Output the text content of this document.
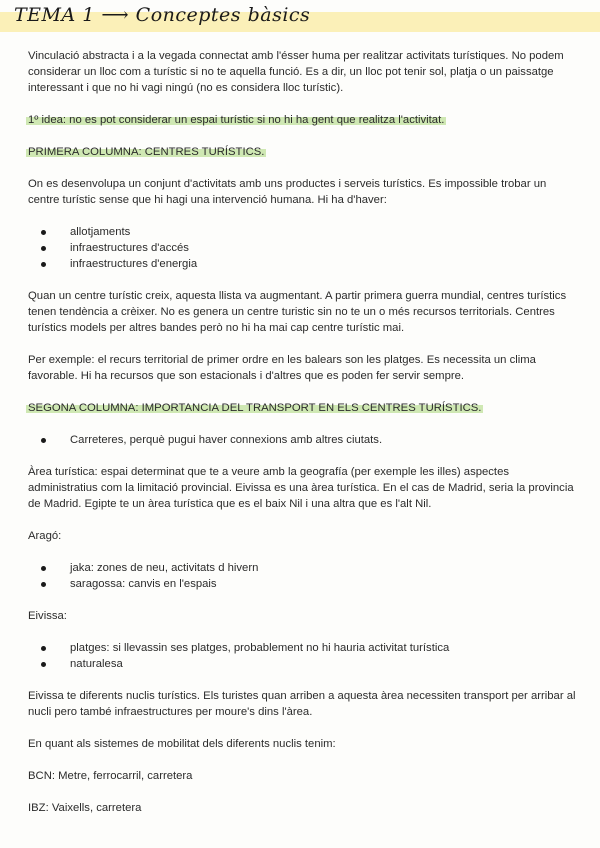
TEMA 1 ⟶ Conceptes bàsics

Vinculació abstracta i a la vegada connectat amb l'ésser huma per realitzar activitats turístiques. No podem considerar un lloc com a turístic si no te aquella funció. Es a dir, un lloc pot tenir sol, platja o un paissatge interessant i que no hi vagi ningú (no es considera lloc turístic).

1º idea: no es pot considerar un espai turístic si no hi ha gent que realitza l'activitat.

PRIMERA COLUMNA: CENTRES TURÍSTICS.

On es desenvolupa un conjunt d'activitats amb uns productes i serveis turístics. Es impossible trobar un centre turístic sense que hi hagi una intervenció humana. Hi ha d'haver:

allotjaments
infraestructures d'accés
infraestructures d'energia

Quan un centre turístic creix, aquesta llista va augmentant. A partir primera guerra mundial, centres turístics tenen tendència a crèixer. No es genera un centre turistic sin no te un o més recursos territorials. Centres turístics models per altres bandes però no hi ha mai cap centre turístic mai.

Per exemple: el recurs territorial de primer ordre en les balears son les platges. Es necessita un clima favorable. Hi ha recursos que son estacionals i d'altres que es poden fer servir sempre.

SEGONA COLUMNA: IMPORTANCIA DEL TRANSPORT EN ELS CENTRES TURÍSTICS.

Carreteres, perquè pugui haver connexions amb altres ciutats.

Àrea turística: espai determinat que te a veure amb la geografía (per exemple les illes) aspectes administratius com la limitació provincial. Eivissa es una àrea turística. En el cas de Madrid, seria la provincia de Madrid. Egipte te un àrea turística que es el baix Nil i una altra que es l'alt Nil.

Aragó:

jaka: zones de neu, activitats d hivern
saragossa: canvis en l'espais

Eivissa:

platges: si llevassin ses platges, probablement no hi hauria activitat turística
naturalesa

Eivissa te diferents nuclis turístics. Els turistes quan arriben a aquesta àrea necessiten transport per arribar al nucli pero també infraestructures per moure's dins l'àrea.

En quant als sistemes de mobilitat dels diferents nuclis tenim:

BCN: Metre, ferrocarril, carretera

IBZ: Vaixells, carretera
